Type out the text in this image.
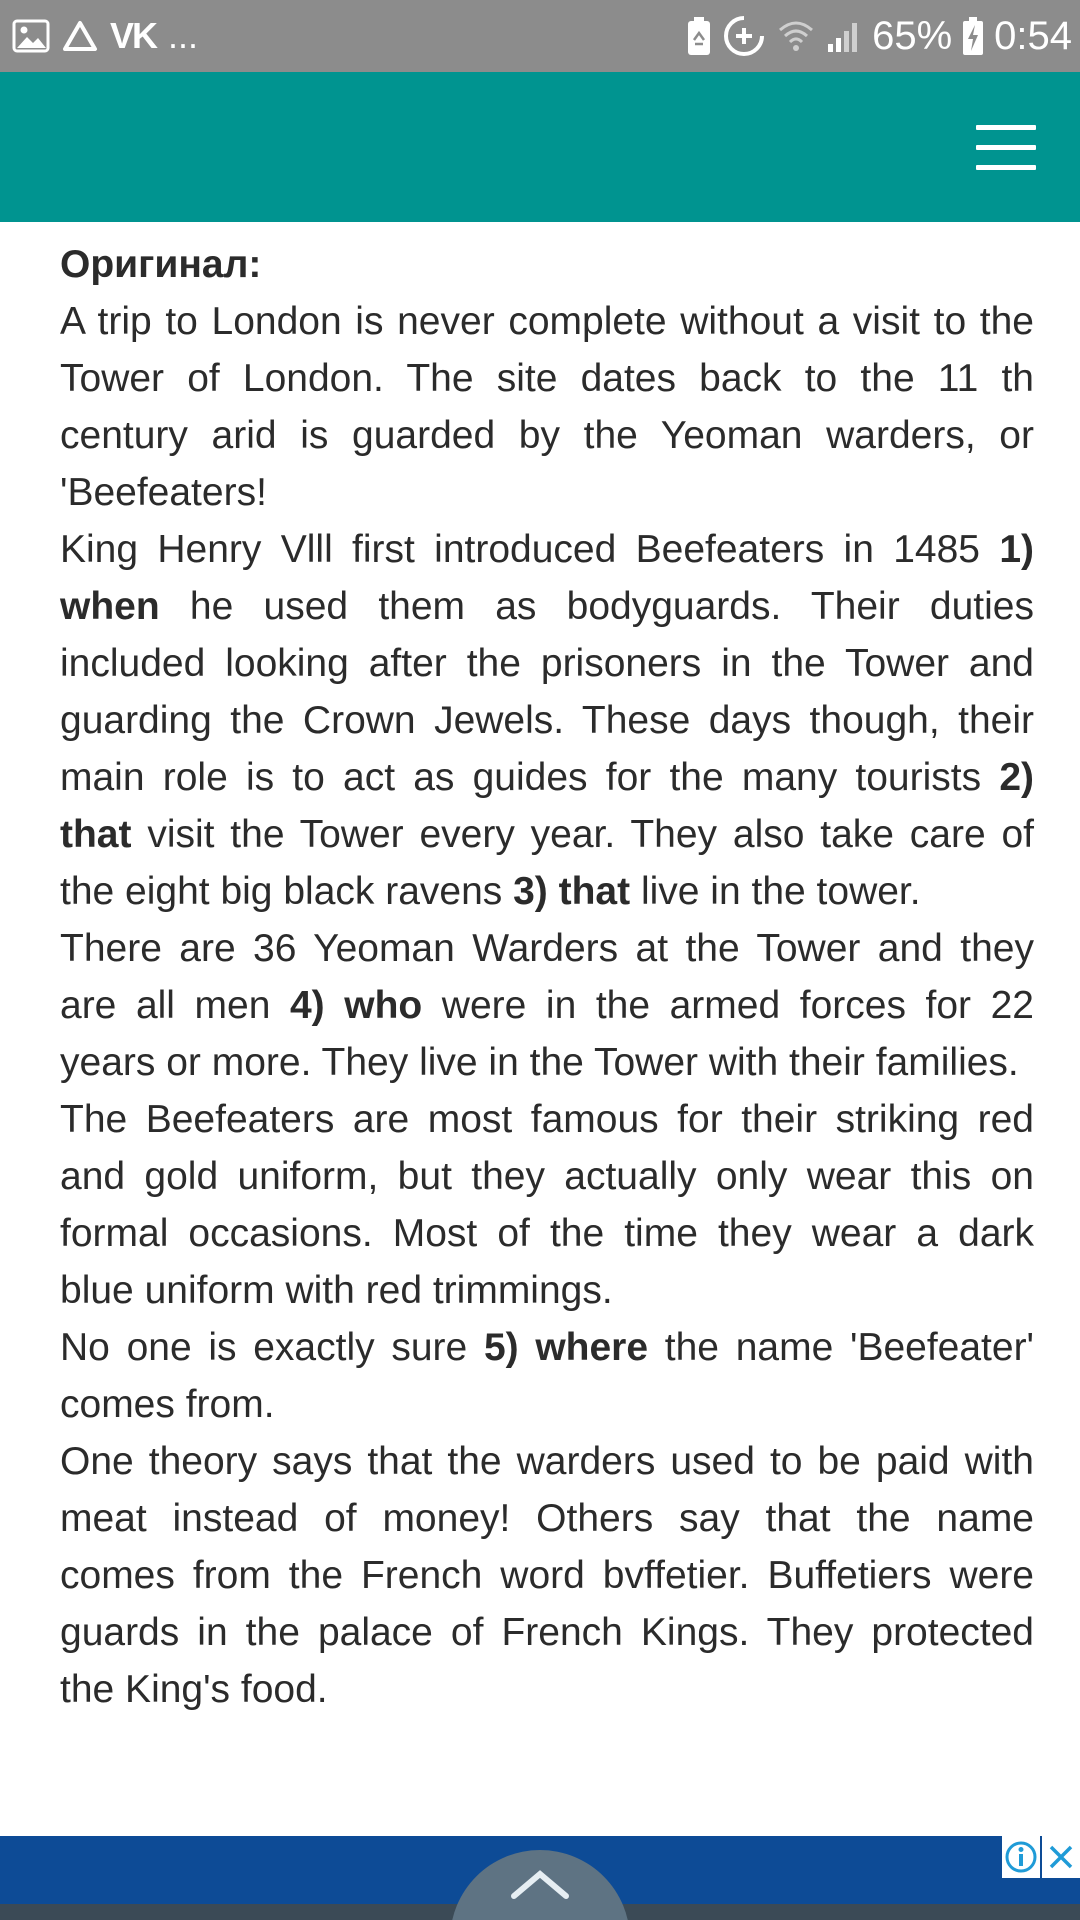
VK ...	65% 0:54

Оригинал:

A trip to London is never complete without a visit to the Tower of London. The site dates back to the 11 th century arid is guarded by the Yeoman warders, or 'Beefeaters!

King Henry Vlll first introduced Beefeaters in 1485 1) when he used them as bodyguards. Their duties included looking after the prisoners in the Tower and guarding the Crown Jewels. These days though, their main role is to act as guides for the many tourists 2) that visit the Tower every year. They also take care of the eight big black ravens 3) that live in the tower.

There are 36 Yeoman Warders at the Tower and they are all men 4) who were in the armed forces for 22 years or more. They live in the Tower with their families.

The Beefeaters are most famous for their striking red and gold uniform, but they actually only wear this on formal occasions. Most of the time they wear a dark blue uniform with red trimmings.

No one is exactly sure 5) where the name 'Beefeater' comes from.

One theory says that the warders used to be paid with meat instead of money! Others say that the name comes from the French word bvffetier. Buffetiers were guards in the palace of French Kings. They protected the King's food.
